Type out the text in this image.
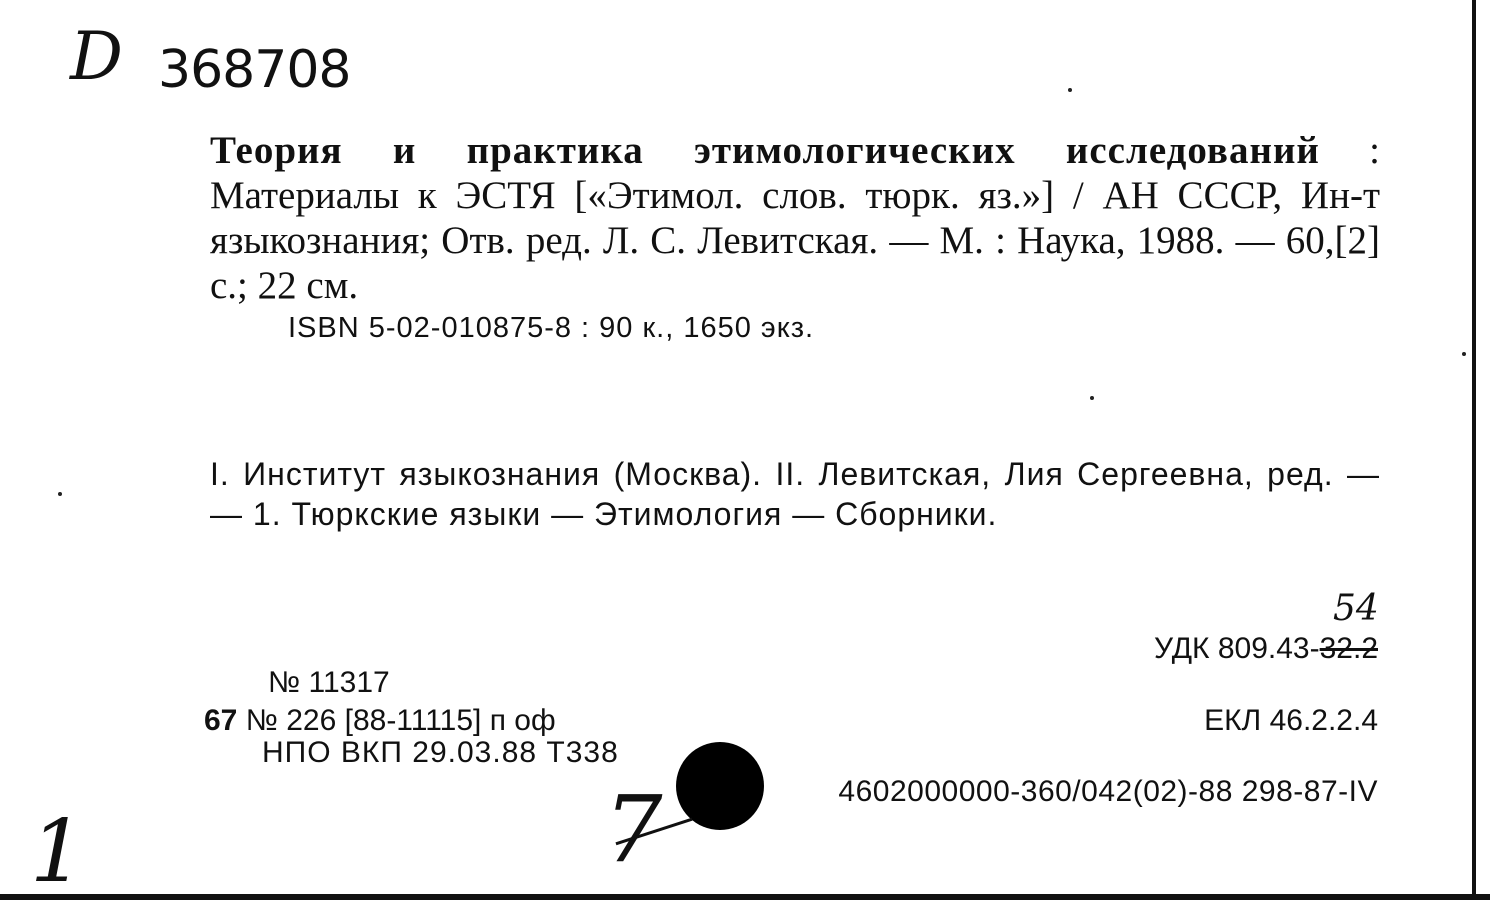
D 368708
Теория и практика этимологических исследований : Материалы к ЭСТЯ [«Этимол. слов. тюрк. яз.»] / АН СССР, Ин-т языкознания; Отв. ред. Л. С. Левитская. — М. : Наука, 1988. — 60,[2] с.; 22 см.
ISBN 5-02-010875-8 : 90 к., 1650 экз.
I. Институт языкознания (Москва). II. Левитская, Лия Сергеевна, ред. — — 1. Тюркские языки — Этимология — Сборники.
54
УДК 809.43-32.2
ЕКЛ 46.2.2.4
4602000000-360/042(02)-88 298-87-IV
№ 11317
67 № 226 [88-11115] п оф
НПО ВКП 29.03.88 Т338
1	7
